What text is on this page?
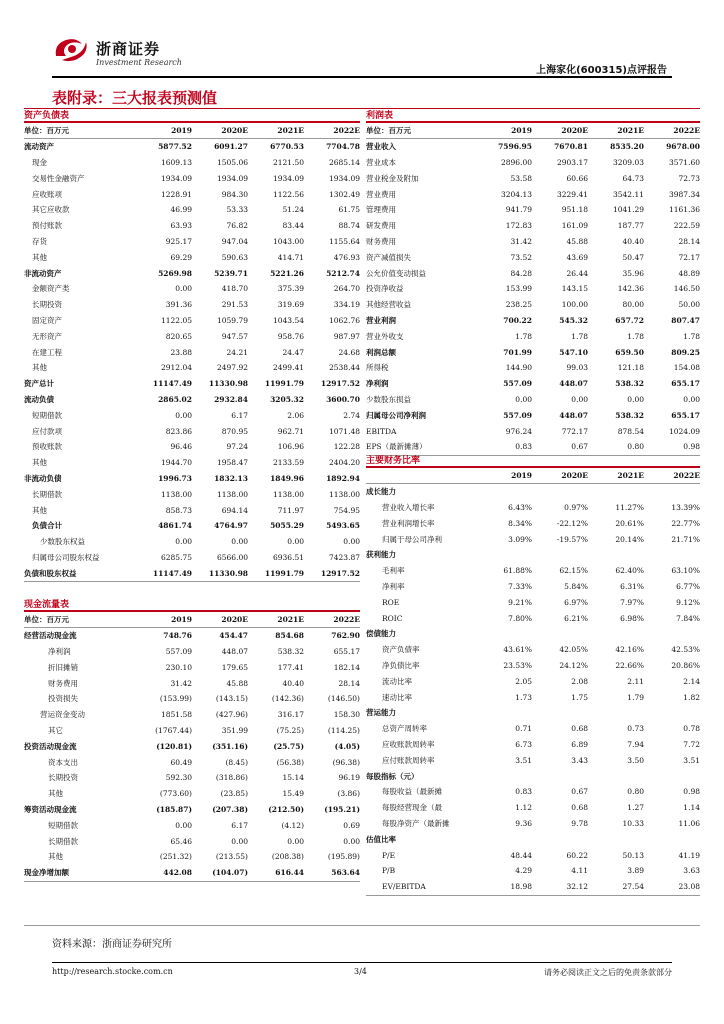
浙商证券
Investment Research
上海家化(600315)点评报告
表附录：三大报表预测值
资产负债表
单位：百万元	2019	2020E	2021E	2022E
流动资产	5877.52	6091.27	6770.53	7704.78
现金	1609.13	1505.06	2121.50	2685.14
交易性金融资产	1934.09	1934.09	1934.09	1934.09
应收账项	1228.91	984.30	1122.56	1302.49
其它应收款	46.99	53.33	51.24	61.75
预付账款	63.93	76.82	83.44	88.74
存货	925.17	947.04	1043.00	1155.64
其他	69.29	590.63	414.71	476.93
非流动资产	5269.98	5239.71	5221.26	5212.74
金额资产类	0.00	418.70	375.39	264.70
长期投资	391.36	291.53	319.69	334.19
固定资产	1122.05	1059.79	1043.54	1062.76
无形资产	820.65	947.57	958.76	987.97
在建工程	23.88	24.21	24.47	24.68
其他	2912.04	2497.92	2499.41	2538.44
资产总计	11147.49	11330.98	11991.79	12917.52
流动负债	2865.02	2932.84	3205.32	3600.70
短期借款	0.00	6.17	2.06	2.74
应付款项	823.86	870.95	962.71	1071.48
预收账款	96.46	97.24	106.96	122.28
其他	1944.70	1958.47	2133.59	2404.20
非流动负债	1996.73	1832.13	1849.96	1892.94
长期借款	1138.00	1138.00	1138.00	1138.00
其他	858.73	694.14	711.97	754.95
负债合计	4861.74	4764.97	5055.29	5493.65
少数股东权益	0.00	0.00	0.00	0.00
归属母公司股东权益	6285.75	6566.00	6936.51	7423.87
负债和股东权益	11147.49	11330.98	11991.79	12917.52
利润表
单位：百万元	2019	2020E	2021E	2022E
营业收入	7596.95	7670.81	8535.20	9678.00
营业成本	2896.00	2903.17	3209.03	3571.60
营业税金及附加	53.58	60.66	64.73	72.73
营业费用	3204.13	3229.41	3542.11	3987.34
管理费用	941.79	951.18	1041.29	1161.36
研发费用	172.83	161.09	187.77	222.59
财务费用	31.42	45.88	40.40	28.14
资产减值损失	73.52	43.69	50.47	72.17
公允价值变动损益	84.28	26.44	35.96	48.89
投资净收益	153.99	143.15	142.36	146.50
其他经营收益	238.25	100.00	80.00	50.00
营业利润	700.22	545.32	657.72	807.47
营业外收支	1.78	1.78	1.78	1.78
利润总额	701.99	547.10	659.50	809.25
所得税	144.90	99.03	121.18	154.08
净利润	557.09	448.07	538.32	655.17
少数股东损益	0.00	0.00	0.00	0.00
归属母公司净利润	557.09	448.07	538.32	655.17
EBITDA	976.24	772.17	878.54	1024.09
EPS（最新摊薄）	0.83	0.67	0.80	0.98
主要财务比率
2019	2020E	2021E	2022E
成长能力
营业收入增长率	6.43%	0.97%	11.27%	13.39%
营业利润增长率	8.34%	-22.12%	20.61%	22.77%
归属于母公司净利	3.09%	-19.57%	20.14%	21.71%
获利能力
毛利率	61.88%	62.15%	62.40%	63.10%
净利率	7.33%	5.84%	6.31%	6.77%
ROE	9.21%	6.97%	7.97%	9.12%
ROIC	7.80%	6.21%	6.98%	7.84%
偿债能力
资产负债率	43.61%	42.05%	42.16%	42.53%
净负债比率	23.53%	24.12%	22.66%	20.86%
流动比率	2.05	2.08	2.11	2.14
速动比率	1.73	1.75	1.79	1.82
营运能力
总资产周转率	0.71	0.68	0.73	0.78
应收账款周转率	6.73	6.89	7.94	7.72
应付账款周转率	3.51	3.43	3.50	3.51
每股指标（元）
每股收益（最新摊	0.83	0.67	0.80	0.98
每股经营现金（最	1.12	0.68	1.27	1.14
每股净资产（最新摊	9.36	9.78	10.33	11.06
估值比率
P/E	48.44	60.22	50.13	41.19
P/B	4.29	4.11	3.89	3.63
EV/EBITDA	18.98	32.12	27.54	23.08
现金流量表
单位：百万元	2019	2020E	2021E	2022E
经营活动现金流	748.76	454.47	854.68	762.90
净利润	557.09	448.07	538.32	655.17
折旧摊销	230.10	179.65	177.41	182.14
财务费用	31.42	45.88	40.40	28.14
投资损失	(153.99)	(143.15)	(142.36)	(146.50)
营运资金变动	1851.58	(427.96)	316.17	158.30
其它	(1767.44)	351.99	(75.25)	(114.25)
投资活动现金流	(120.81)	(351.16)	(25.75)	(4.05)
资本支出	60.49	(8.45)	(56.38)	(96.38)
长期投资	592.30	(318.86)	15.14	96.19
其他	(773.60)	(23.85)	15.49	(3.86)
筹资活动现金流	(185.87)	(207.38)	(212.50)	(195.21)
短期借款	0.00	6.17	(4.12)	0.69
长期借款	65.46	0.00	0.00	0.00
其他	(251.32)	(213.55)	(208.38)	(195.89)
现金净增加额	442.08	(104.07)	616.44	563.64
资料来源：浙商证券研究所
http://research.stocke.com.cn	3/4	请务必阅读正文之后的免责条款部分
